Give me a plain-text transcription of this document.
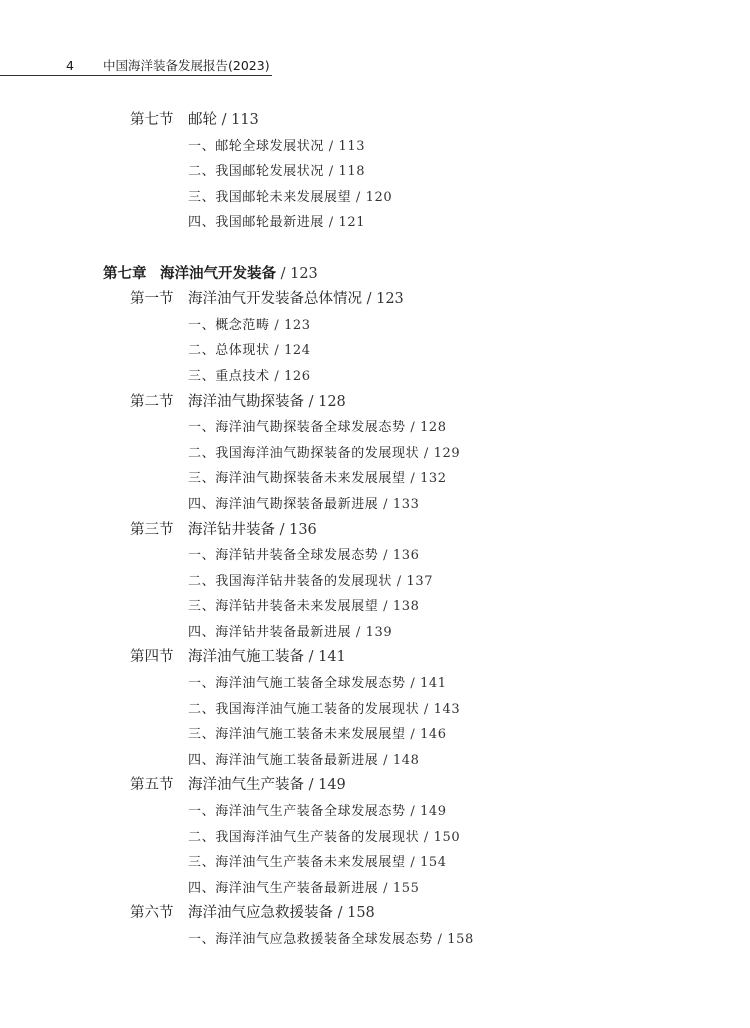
4 中国海洋装备发展报告(2023)
第七节 邮轮 / 113
一、邮轮全球发展状况 / 113
二、我国邮轮发展状况 / 118
三、我国邮轮未来发展展望 / 120
四、我国邮轮最新进展 / 121
第七章 海洋油气开发装备 / 123
第一节 海洋油气开发装备总体情况 / 123
一、概念范畴 / 123
二、总体现状 / 124
三、重点技术 / 126
第二节 海洋油气勘探装备 / 128
一、海洋油气勘探装备全球发展态势 / 128
二、我国海洋油气勘探装备的发展现状 / 129
三、海洋油气勘探装备未来发展展望 / 132
四、海洋油气勘探装备最新进展 / 133
第三节 海洋钻井装备 / 136
一、海洋钻井装备全球发展态势 / 136
二、我国海洋钻井装备的发展现状 / 137
三、海洋钻井装备未来发展展望 / 138
四、海洋钻井装备最新进展 / 139
第四节 海洋油气施工装备 / 141
一、海洋油气施工装备全球发展态势 / 141
二、我国海洋油气施工装备的发展现状 / 143
三、海洋油气施工装备未来发展展望 / 146
四、海洋油气施工装备最新进展 / 148
第五节 海洋油气生产装备 / 149
一、海洋油气生产装备全球发展态势 / 149
二、我国海洋油气生产装备的发展现状 / 150
三、海洋油气生产装备未来发展展望 / 154
四、海洋油气生产装备最新进展 / 155
第六节 海洋油气应急救援装备 / 158
一、海洋油气应急救援装备全球发展态势 / 158
